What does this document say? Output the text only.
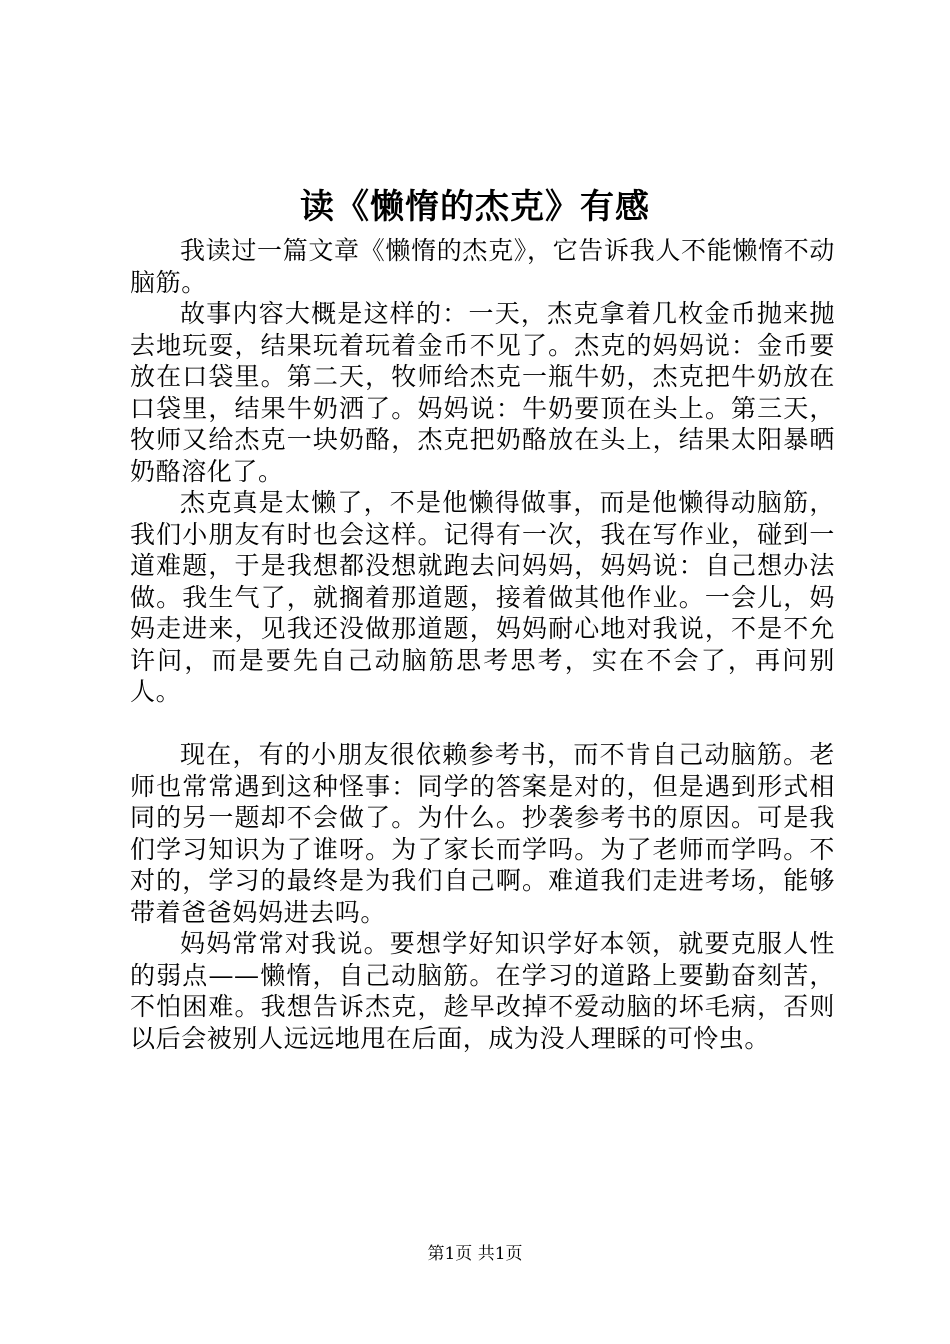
读《懒惰的杰克》有感

我读过一篇文章《懒惰的杰克》，它告诉我人不能懒惰不动脑筋。

故事内容大概是这样的：一天，杰克拿着几枚金币抛来抛去地玩耍，结果玩着玩着金币不见了。杰克的妈妈说：金币要放在口袋里。第二天，牧师给杰克一瓶牛奶，杰克把牛奶放在口袋里，结果牛奶洒了。妈妈说：牛奶要顶在头上。第三天，牧师又给杰克一块奶酪，杰克把奶酪放在头上，结果太阳暴晒奶酪溶化了。

杰克真是太懒了，不是他懒得做事，而是他懒得动脑筋，我们小朋友有时也会这样。记得有一次，我在写作业，碰到一道难题，于是我想都没想就跑去问妈妈，妈妈说：自己想办法做。我生气了，就搁着那道题，接着做其他作业。一会儿，妈妈走进来，见我还没做那道题，妈妈耐心地对我说，不是不允许问，而是要先自己动脑筋思考思考，实在不会了，再问别人。

现在，有的小朋友很依赖参考书，而不肯自己动脑筋。老师也常常遇到这种怪事：同学的答案是对的，但是遇到形式相同的另一题却不会做了。为什么。抄袭参考书的原因。可是我们学习知识为了谁呀。为了家长而学吗。为了老师而学吗。不对的，学习的最终是为我们自己啊。难道我们走进考场，能够带着爸爸妈妈进去吗。

妈妈常常对我说。要想学好知识学好本领，就要克服人性的弱点——懒惰，自己动脑筋。在学习的道路上要勤奋刻苦，不怕困难。我想告诉杰克，趁早改掉不爱动脑的坏毛病，否则以后会被别人远远地甩在后面，成为没人理睬的可怜虫。

第1页 共1页
